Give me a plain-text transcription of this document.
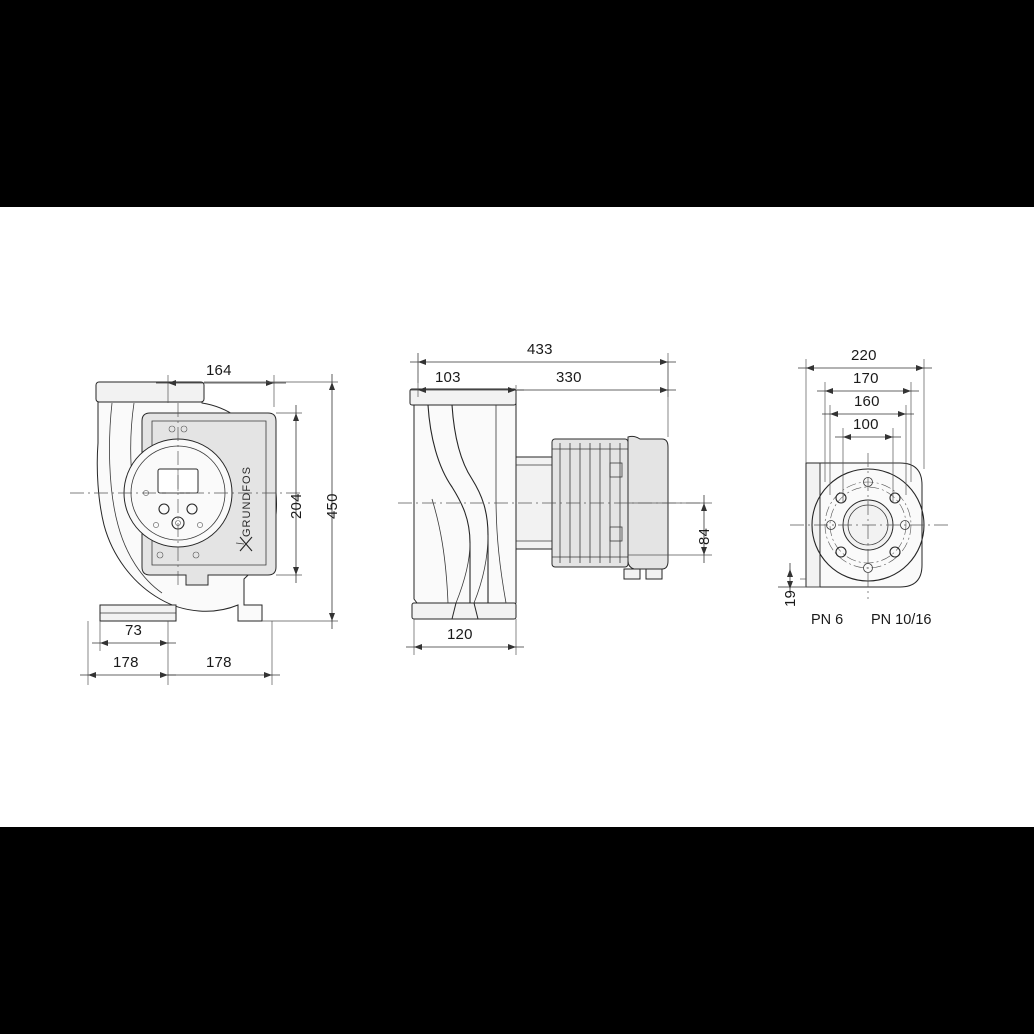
164
204 450
73
178	178
GRUNDFOS
433
103	330
84
120
220
170
160
100
19
PN 6 PN 10/16
